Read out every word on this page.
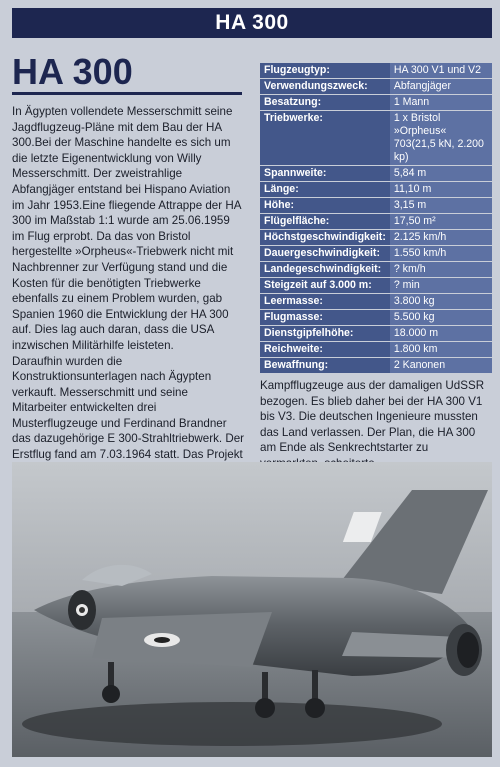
HA 300
HA 300

In Ägypten vollendete Messerschmitt seine Jagdflugzeug-Pläne mit dem Bau der HA 300.Bei der Maschine handelte es sich um die letzte Eigenentwicklung von Willy Messerschmitt. Der zweistrahlige Abfangjäger entstand bei Hispano Aviation im Jahr 1953.Eine fliegende Attrappe der HA 300 im Maßstab 1:1 wurde am 25.06.1959 im Flug erprobt. Da das von Bristol hergestellte »Orpheus«-Triebwerk nicht mit Nachbrenner zur Verfügung stand und die Kosten für die benötigten Triebwerke ebenfalls zu einem Problem wurden, gab Spanien 1960 die Entwicklung der HA 300 auf. Dies lag auch daran, dass die USA inzwischen Militärhilfe leisteten.

Daraufhin wurden die Konstruktionsunterlagen nach Ägypten verkauft. Messerschmitt und seine Mitarbeiter entwickelten drei Musterflugzeuge und Ferdinand Brandner das dazugehörige E 300-Strahltriebwerk. Der Erstflug fand am 7.03.1964 statt. Das Projekt

Flugzeugtyp:	HA 300 V1 und V2
Verwendungszweck:	Abfangjäger
Besatzung:	1 Mann
Triebwerke:	1 x Bristol »Orpheus« 703(21,5 kN, 2.200 kp)
Spannweite:	5,84 m
Länge:	11,10 m
Höhe:	3,15 m
Flügelfläche:	17,50 m²
Höchstgeschwindigkeit:	2.125 km/h
Dauergeschwindigkeit:	1.550 km/h
Landegeschwindigkeit:	? km/h
Steigzeit auf 3.000 m:	? min
Leermasse:	3.800 kg
Flugmasse:	5.500 kg
Dienstgipfelhöhe:	18.000 m
Reichweite:	1.800 km
Bewaffnung:	2 Kanonen

Kampfflugzeuge aus der damaligen UdSSR bezogen. Es blieb daher bei der HA 300 V1 bis V3. Die deutschen Ingenieure mussten das Land verlassen. Der Plan, die HA 300 am Ende als Senkrechtstarter zu
